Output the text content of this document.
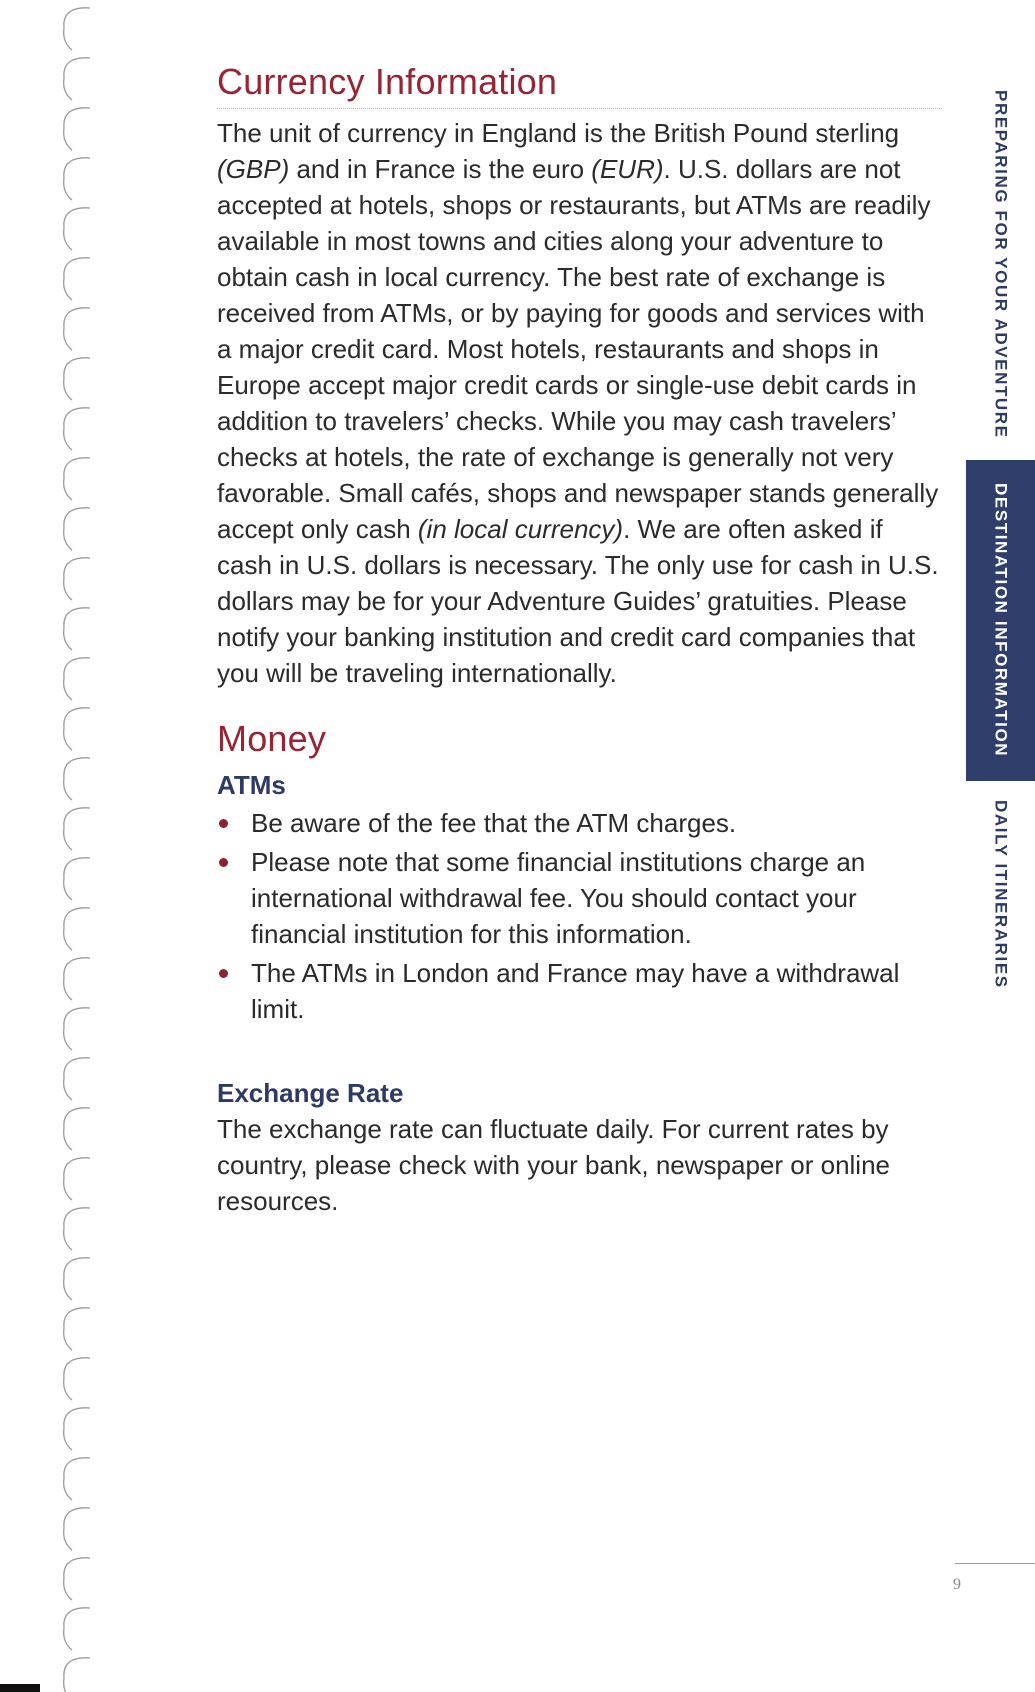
Currency Information

The unit of currency in England is the British Pound sterling (GBP) and in France is the euro (EUR). U.S. dollars are not accepted at hotels, shops or restaurants, but ATMs are readily available in most towns and cities along your adventure to obtain cash in local currency. The best rate of exchange is received from ATMs, or by paying for goods and services with a major credit card. Most hotels, restaurants and shops in Europe accept major credit cards or single-use debit cards in addition to travelers’ checks. While you may cash travelers’ checks at hotels, the rate of exchange is generally not very favorable. Small cafés, shops and newspaper stands generally accept only cash (in local currency). We are often asked if cash in U.S. dollars is necessary. The only use for cash in U.S. dollars may be for your Adventure Guides’ gratuities. Please notify your banking institution and credit card companies that you will be traveling internationally.

Money
ATMs
Be aware of the fee that the ATM charges.
Please note that some financial institutions charge an international withdrawal fee. You should contact your financial institution for this information.
The ATMs in London and France may have a withdrawal limit.
Exchange Rate

The exchange rate can fluctuate daily. For current rates by country, please check with your bank, newspaper or online resources.

PREPARING FOR YOUR ADVENTURE
DESTINATION INFORMATION
DAILY ITINERARIES
9
